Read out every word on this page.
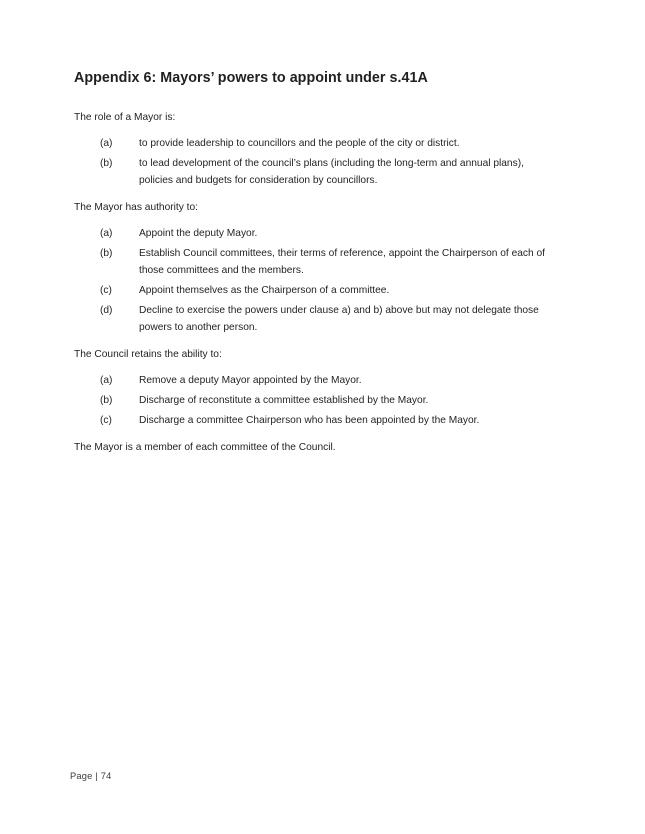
Appendix 6: Mayors’ powers to appoint under s.41A

The role of a Mayor is:

(a)	to provide leadership to councillors and the people of the city or district.
(b)	to lead development of the council’s plans (including the long-term and annual plans), policies and budgets for consideration by councillors.

The Mayor has authority to:

(a)	Appoint the deputy Mayor.
(b)	Establish Council committees, their terms of reference, appoint the Chairperson of each of those committees and the members.
(c)	Appoint themselves as the Chairperson of a committee.
(d)	Decline to exercise the powers under clause a) and b) above but may not delegate those powers to another person.

The Council retains the ability to:

(a)	Remove a deputy Mayor appointed by the Mayor.
(b)	Discharge of reconstitute a committee established by the Mayor.
(c)	Discharge a committee Chairperson who has been appointed by the Mayor.

The Mayor is a member of each committee of the Council.

Page | 74
